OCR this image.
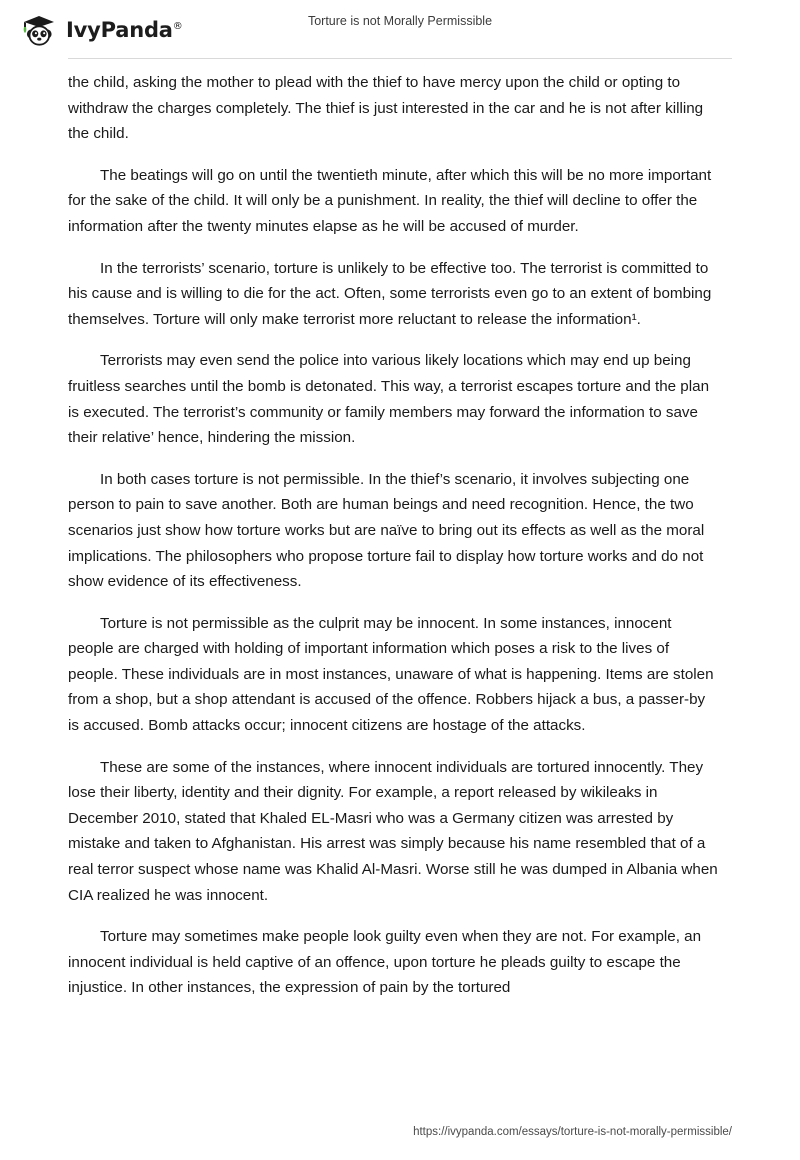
IvyPanda®	Torture is not Morally Permissible

the child, asking the mother to plead with the thief to have mercy upon the child or opting to withdraw the charges completely. The thief is just interested in the car and he is not after killing the child.

The beatings will go on until the twentieth minute, after which this will be no more important for the sake of the child. It will only be a punishment. In reality, the thief will decline to offer the information after the twenty minutes elapse as he will be accused of murder.

In the terrorists’ scenario, torture is unlikely to be effective too. The terrorist is committed to his cause and is willing to die for the act. Often, some terrorists even go to an extent of bombing themselves. Torture will only make terrorist more reluctant to release the information¹.

Terrorists may even send the police into various likely locations which may end up being fruitless searches until the bomb is detonated. This way, a terrorist escapes torture and the plan is executed. The terrorist’s community or family members may forward the information to save their relative’ hence, hindering the mission.

In both cases torture is not permissible. In the thief’s scenario, it involves subjecting one person to pain to save another. Both are human beings and need recognition. Hence, the two scenarios just show how torture works but are naïve to bring out its effects as well as the moral implications. The philosophers who propose torture fail to display how torture works and do not show evidence of its effectiveness.

Torture is not permissible as the culprit may be innocent. In some instances, innocent people are charged with holding of important information which poses a risk to the lives of people. These individuals are in most instances, unaware of what is happening. Items are stolen from a shop, but a shop attendant is accused of the offence. Robbers hijack a bus, a passer-by is accused. Bomb attacks occur; innocent citizens are hostage of the attacks.

These are some of the instances, where innocent individuals are tortured innocently. They lose their liberty, identity and their dignity. For example, a report released by wikileaks in December 2010, stated that Khaled EL-Masri who was a Germany citizen was arrested by mistake and taken to Afghanistan. His arrest was simply because his name resembled that of a real terror suspect whose name was Khalid Al-Masri. Worse still he was dumped in Albania when CIA realized he was innocent.

Torture may sometimes make people look guilty even when they are not. For example, an innocent individual is held captive of an offence, upon torture he pleads guilty to escape the injustice. In other instances, the expression of pain by the tortured

https://ivypanda.com/essays/torture-is-not-morally-permissible/
